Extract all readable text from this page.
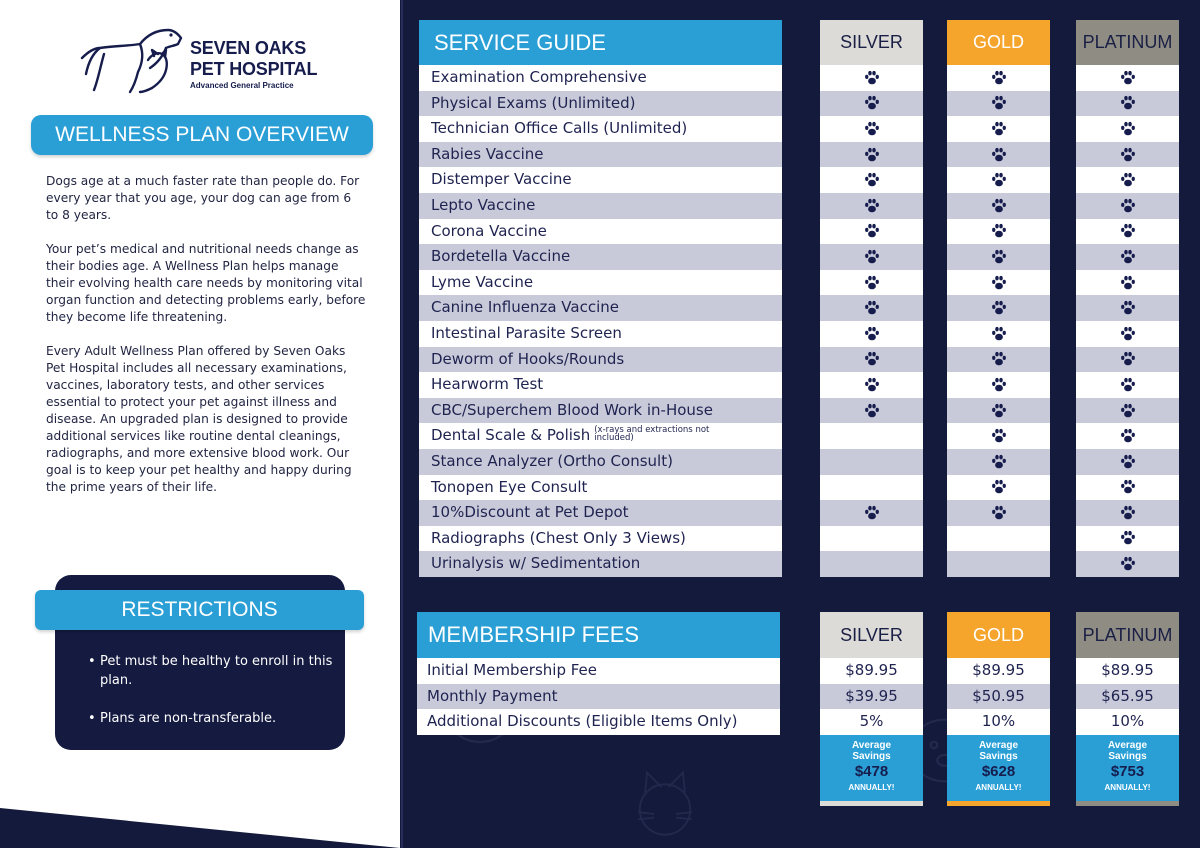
SEVEN OAKS
PET HOSPITAL
Advanced General Practice
WELLNESS PLAN OVERVIEW

Dogs age at a much faster rate than people do. For every year that you age, your dog can age from 6 to 8 years.

Your pet’s medical and nutritional needs change as their bodies age. A Wellness Plan helps manage their evolving health care needs by monitoring vital organ function and detecting problems early, before they become life threatening.

Every Adult Wellness Plan offered by Seven Oaks Pet Hospital includes all necessary examinations, vaccines, laboratory tests, and other services essential to protect your pet against illness and disease. An upgraded plan is designed to provide additional services like routine dental cleanings, radiographs, and more extensive blood work. Our goal is to keep your pet healthy and happy during the prime years of their life.

RESTRICTIONS
• Pet must be healthy to enroll in this plan.
• Plans are non-transferable.
SERVICE GUIDE
Examination Comprehensive
Physical Exams (Unlimited)
Technician Office Calls (Unlimited)
Rabies Vaccine
Distemper Vaccine
Lepto Vaccine
Corona Vaccine
Bordetella Vaccine
Lyme Vaccine
Canine Influenza Vaccine
Intestinal Parasite Screen
Deworm of Hooks/Rounds
Hearworm Test
CBC/Superchem Blood Work in-House
Dental Scale & Polish (x-rays and extractions not included)
Stance Analyzer (Ortho Consult)
Tonopen Eye Consult
10%Discount at Pet Depot
Radiographs (Chest Only 3 Views)
Urinalysis w/ Sedimentation
SILVER	GOLD	PLATINUM
MEMBERSHIP FEES
Initial Membership Fee
Monthly Payment
Additional Discounts (Eligible Items Only)
SILVER
$89.95
$39.95
5%
Average
Savings
$478
ANNUALLY!
GOLD
$89.95
$50.95
10%
Average
Savings
$628
ANNUALLY!
PLATINUM
$89.95
$65.95
10%
Average
Savings
$753
ANNUALLY!
